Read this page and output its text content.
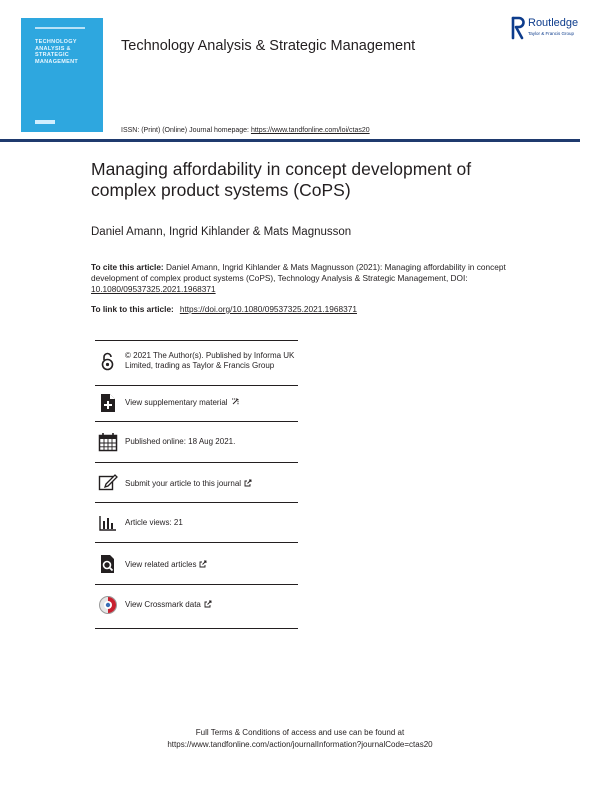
TECHNOLOGY ANALYSIS & STRATEGIC MANAGEMENT
Technology Analysis & Strategic Management
Routledge
Taylor & Francis Group
ISSN: (Print) (Online) Journal homepage: https://www.tandfonline.com/loi/ctas20
Managing affordability in concept development of complex product systems (CoPS)
Daniel Amann, Ingrid Kihlander & Mats Magnusson
To cite this article: Daniel Amann, Ingrid Kihlander & Mats Magnusson (2021): Managing affordability in concept development of complex product systems (CoPS), Technology Analysis & Strategic Management, DOI: 10.1080/09537325.2021.1968371
To link to this article: https://doi.org/10.1080/09537325.2021.1968371
© 2021 The Author(s). Published by Informa UK Limited, trading as Taylor & Francis Group
View supplementary material
Published online: 18 Aug 2021.
Submit your article to this journal
Article views: 21
View related articles
View Crossmark data
Full Terms & Conditions of access and use can be found at
https://www.tandfonline.com/action/journalInformation?journalCode=ctas20
